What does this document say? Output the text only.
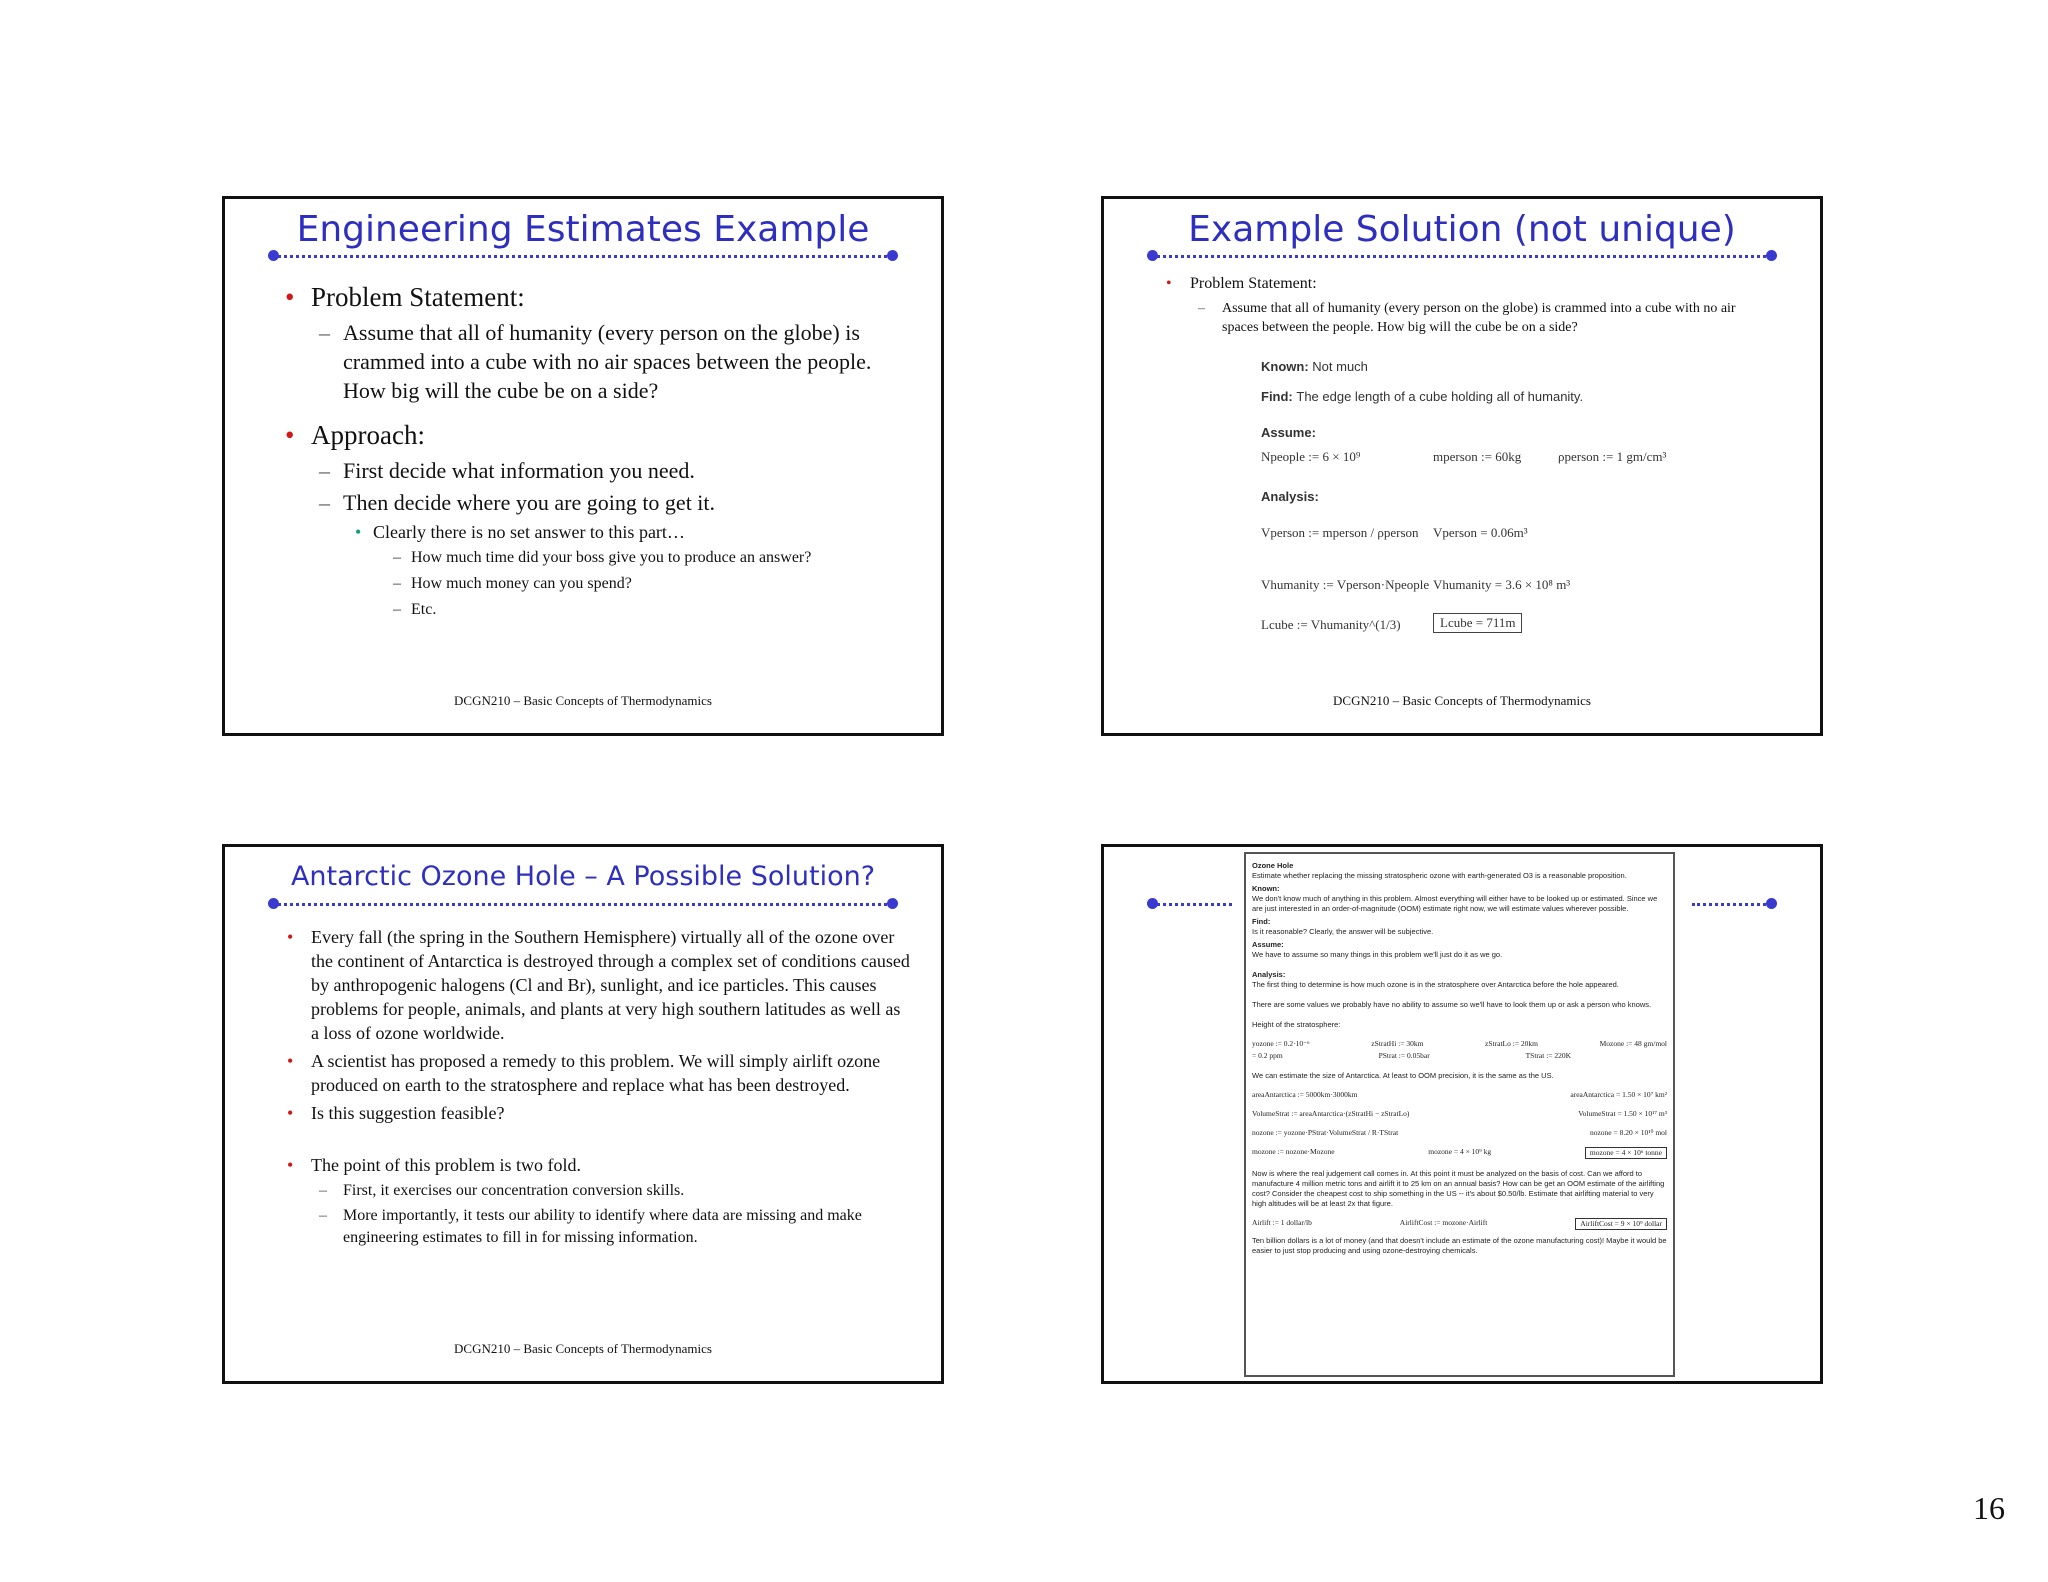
Engineering Estimates Example
• Problem Statement:
– Assume that all of humanity (every person on the globe) is crammed into a cube with no air spaces between the people. How big will the cube be on a side?
• Approach:
– First decide what information you need.
– Then decide where you are going to get it.
• Clearly there is no set answer to this part…
– How much time did your boss give you to produce an answer?
– How much money can you spend?
– Etc.
DCGN210 – Basic Concepts of Thermodynamics
Example Solution (not unique)
• Problem Statement:
– Assume that all of humanity (every person on the globe) is crammed into a cube with no air spaces between the people. How big will the cube be on a side?
Known: Not much
Find: The edge length of a cube holding all of humanity.
Assume:
Npeople := 6 × 10⁹	mperson := 60kg	ρperson := 1 gm/cm³
Analysis:
Vperson := mperson / ρperson Vperson = 0.06m³
Vhumanity := Vperson·Npeople Vhumanity = 3.6 × 10⁸ m³
Lcube := Vhumanity^(1/3)	Lcube = 711m
DCGN210 – Basic Concepts of Thermodynamics
Antarctic Ozone Hole – A Possible Solution?
• Every fall (the spring in the Southern Hemisphere) virtually all of the ozone over the continent of Antarctica is destroyed through a complex set of conditions caused by anthropogenic halogens (Cl and Br), sunlight, and ice particles. This causes problems for people, animals, and plants at very high southern latitudes as well as a loss of ozone worldwide.
• A scientist has proposed a remedy to this problem. We will simply airlift ozone produced on earth to the stratosphere and replace what has been destroyed.
• Is this suggestion feasible?
• The point of this problem is two fold.
– First, it exercises our concentration conversion skills.
– More importantly, it tests our ability to identify where data are missing and make engineering estimates to fill in for missing information.
DCGN210 – Basic Concepts of Thermodynamics
Ozone Hole
Estimate whether replacing the missing stratospheric ozone with earth-generated O3 is a reasonable proposition.
Known:
We don't know much of anything in this problem. Almost everything will either have to be looked up or estimated. Since we are just interested in an order-of-magnitude (OOM) estimate right now, we will estimate values wherever possible.
Find:
Is it reasonable? Clearly, the answer will be subjective.
Assume:
We have to assume so many things in this problem we'll just do it as we go.
Analysis:
The first thing to determine is how much ozone is in the stratosphere over Antarctica before the hole appeared.
There are some values we probably have no ability to assume so we'll have to look them up or ask a person who knows.
Height of the stratosphere:
yozone := 0.2·10⁻⁶	zStratHi := 30km	zStratLo := 20km	Mozone := 48 gm/mol
= 0.2 ppm	PStrat := 0.05bar	TStrat := 220K
We can estimate the size of Antarctica. At least to OOM precision, it is the same as the US.
areaAntarctica := 5000km·3000km	areaAntarctica = 1.50 × 10⁷ km²
VolumeStrat := areaAntarctica·(zStratHi − zStratLo)	VolumeStrat = 1.50 × 10¹⁷ m³
nozone := yozone·PStrat·VolumeStrat / R·TStrat	nozone = 8.20 × 10¹⁰ mol
mozone := nozone·Mozone	mozone = 4 × 10⁹ kg	mozone = 4 × 10⁶ tonne
Now is where the real judgement call comes in. At this point it must be analyzed on the basis of cost. Can we afford to manufacture 4 million metric tons and airlift it to 25 km on an annual basis? How can be get an OOM estimate of the airlifting cost? Consider the cheapest cost to ship something in the US -- it's about $0.50/lb. Estimate that airlifting material to very high altitudes will be at least 2x that figure.
Airlift := 1 dollar/lb	AirliftCost := mozone·Airlift	AirliftCost = 9 × 10⁹ dollar
Ten billion dollars is a lot of money (and that doesn't include an estimate of the ozone manufacturing cost)! Maybe it would be easier to just stop producing and using ozone-destroying chemicals.
16
